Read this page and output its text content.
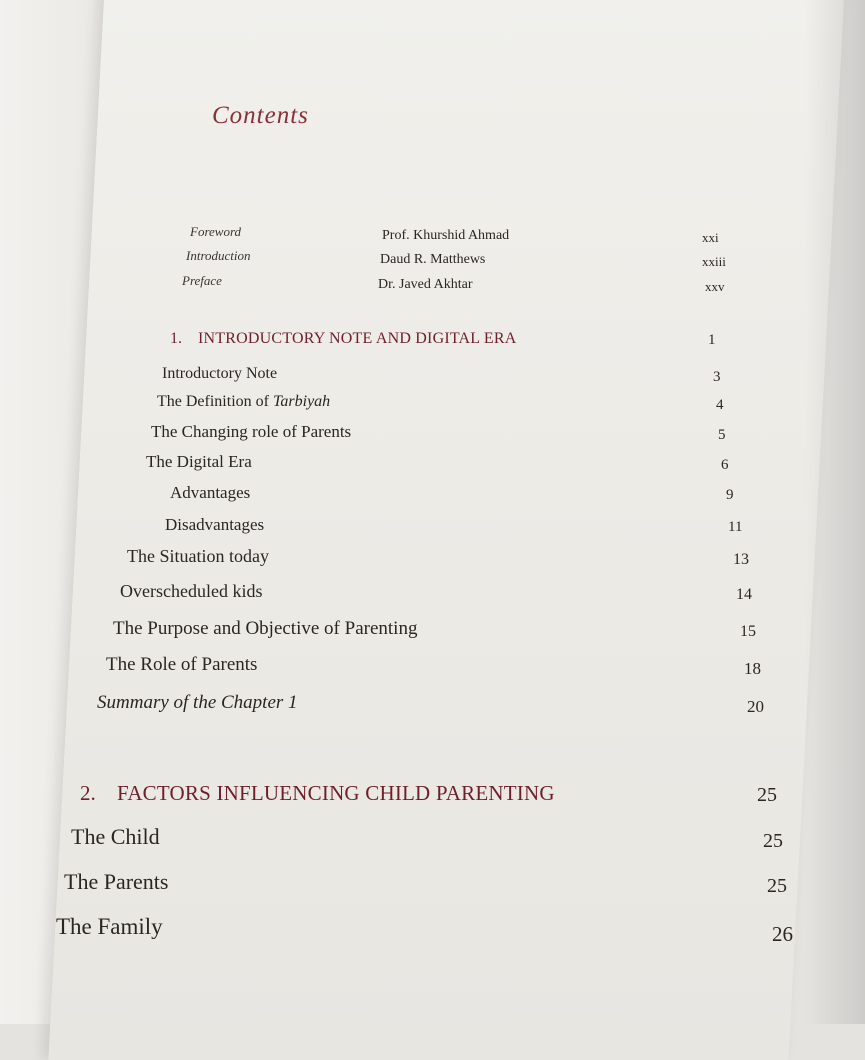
Contents
Foreword	Prof. Khurshid Ahmad	xxi
Introduction	Daud R. Matthews	xxiii
Preface	Dr. Javed Akhtar	xxv
1. INTRODUCTORY NOTE AND DIGITAL ERA	1
Introductory Note	3
The Definition of Tarbiyah	4
The Changing role of Parents	5
The Digital Era	6
Advantages	9
Disadvantages	11
The Situation today	13
Overscheduled kids	14
The Purpose and Objective of Parenting	15
The Role of Parents	18
Summary of the Chapter 1	20
2. FACTORS INFLUENCING CHILD PARENTING	25
The Child	25
The Parents	25
The Family	26
